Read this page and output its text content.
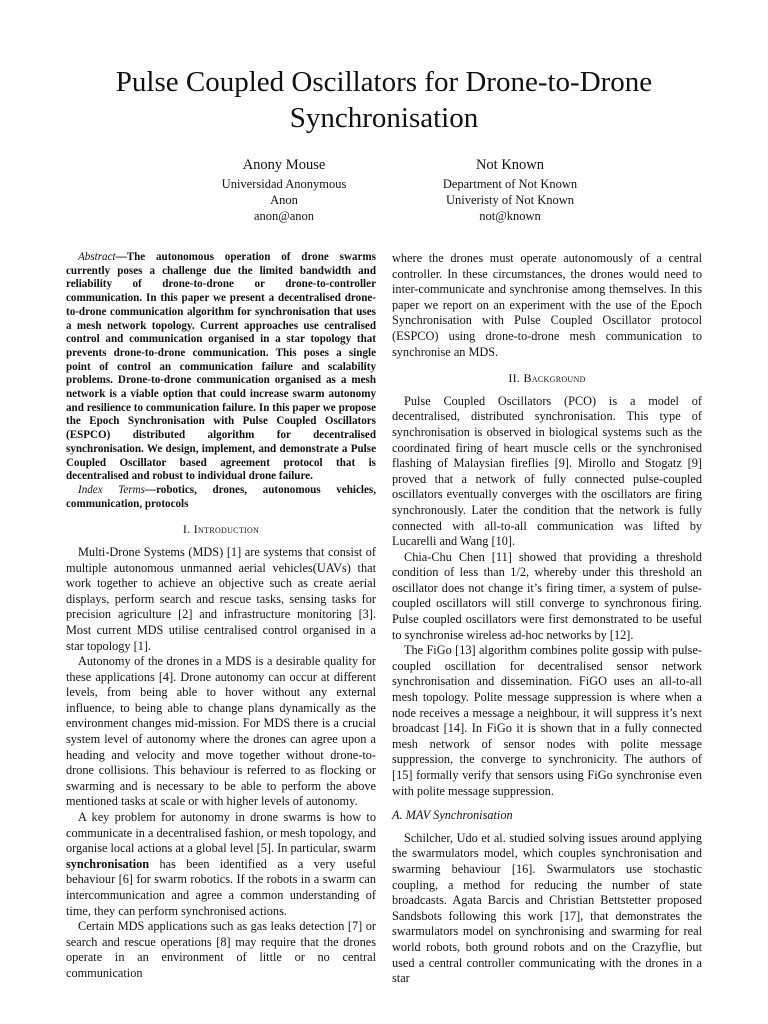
Pulse Coupled Oscillators for Drone-to-Drone Synchronisation
Anony Mouse
Universidad Anonymous
Anon
anon@anon
Not Known
Department of Not Known
Univeristy of Not Known
not@known

Abstract—The autonomous operation of drone swarms currently poses a challenge due the limited bandwidth and reliability of drone-to-drone or drone-to-controller communication. In this paper we present a decentralised drone-to-drone communication algorithm for synchronisation that uses a mesh network topology. Current approaches use centralised control and communication organised in a star topology that prevents drone-to-drone communication. This poses a single point of control an communication failure and scalability problems. Drone-to-drone communication organised as a mesh network is a viable option that could increase swarm autonomy and resilience to communication failure. In this paper we propose the Epoch Synchronisation with Pulse Coupled Oscillators (ESPCO) distributed algorithm for decentralised synchronisation. We design, implement, and demonstrate a Pulse Coupled Oscillator based agreement protocol that is decentralised and robust to individual drone failure.

Index Terms—robotics, drones, autonomous vehicles, communication, protocols

I. Introduction

Multi-Drone Systems (MDS) [1] are systems that consist of multiple autonomous unmanned aerial vehicles(UAVs) that work together to achieve an objective such as create aerial displays, perform search and rescue tasks, sensing tasks for precision agriculture [2] and infrastructure monitoring [3]. Most current MDS utilise centralised control organised in a star topology [1].

Autonomy of the drones in a MDS is a desirable quality for these applications [4]. Drone autonomy can occur at different levels, from being able to hover without any external influence, to being able to change plans dynamically as the environment changes mid-mission. For MDS there is a crucial system level of autonomy where the drones can agree upon a heading and velocity and move together without drone-to-drone collisions. This behaviour is referred to as flocking or swarming and is necessary to be able to perform the above mentioned tasks at scale or with higher levels of autonomy.

A key problem for autonomy in drone swarms is how to communicate in a decentralised fashion, or mesh topology, and organise local actions at a global level [5]. In particular, swarm synchronisation has been identified as a very useful behaviour [6] for swarm robotics. If the robots in a swarm can intercommunication and agree a common understanding of time, they can perform synchronised actions.

Certain MDS applications such as gas leaks detection [7] or search and rescue operations [8] may require that the drones operate in an environment of little or no central communication

where the drones must operate autonomously of a central controller. In these circumstances, the drones would need to inter-communicate and synchronise among themselves. In this paper we report on an experiment with the use of the Epoch Synchronisation with Pulse Coupled Oscillator protocol (ESPCO) using drone-to-drone mesh communication to synchronise an MDS.

II. Background

Pulse Coupled Oscillators (PCO) is a model of decentralised, distributed synchronisation. This type of synchronisation is observed in biological systems such as the coordinated firing of heart muscle cells or the synchronised flashing of Malaysian fireflies [9]. Mirollo and Stogatz [9] proved that a network of fully connected pulse-coupled oscillators eventually converges with the oscillators are firing synchronously. Later the condition that the network is fully connected with all-to-all communication was lifted by Lucarelli and Wang [10].

Chia-Chu Chen [11] showed that providing a threshold condition of less than 1/2, whereby under this threshold an oscillator does not change it’s firing timer, a system of pulse-coupled oscillators will still converge to synchronous firing. Pulse coupled oscillators were first demonstrated to be useful to synchronise wireless ad-hoc networks by [12].

The FiGo [13] algorithm combines polite gossip with pulse-coupled oscillation for decentralised sensor network synchronisation and dissemination. FiGO uses an all-to-all mesh topology. Polite message suppression is where when a node receives a message a neighbour, it will suppress it’s next broadcast [14]. In FiGo it is shown that in a fully connected mesh network of sensor nodes with polite message suppression, the converge to synchronicity. The authors of [15] formally verify that sensors using FiGo synchronise even with polite message suppression.

A. MAV Synchronisation

Schilcher, Udo et al. studied solving issues around applying the swarmulators model, which couples synchronisation and swarming behaviour [16]. Swarmulators use stochastic coupling, a method for reducing the number of state broadcasts. Agata Barcis and Christian Bettstetter proposed Sandsbots following this work [17], that demonstrates the swarmulators model on synchronising and swarming for real world robots, both ground robots and on the Crazyflie, but used a central controller communicating with the drones in a star
